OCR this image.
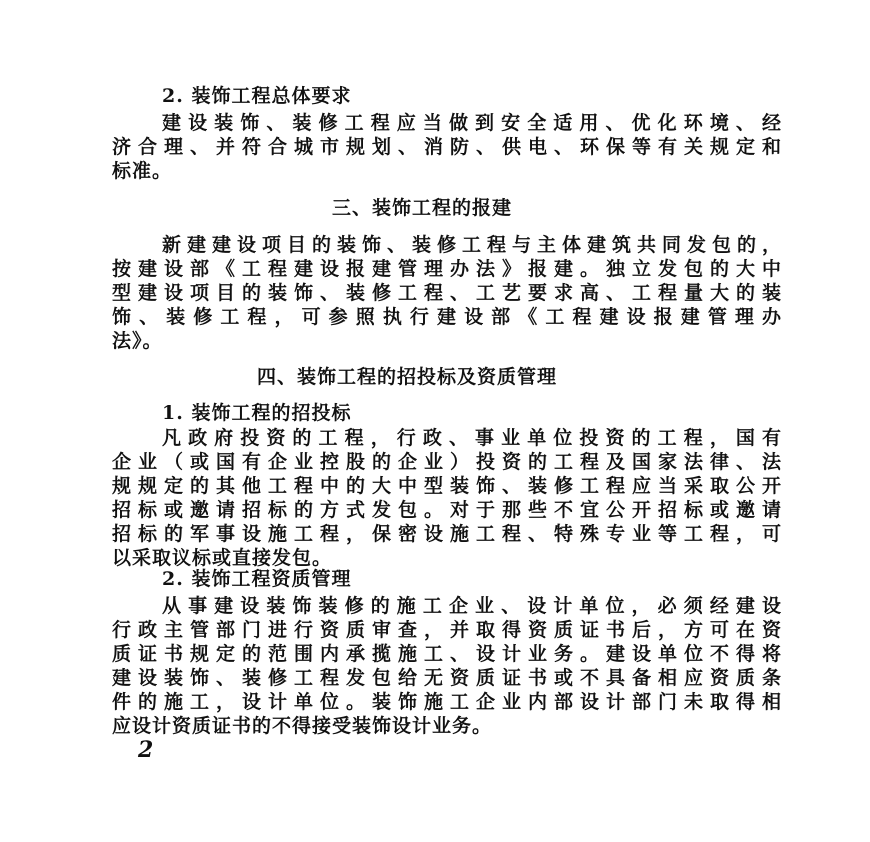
2. 装饰工程总体要求
建设装饰、装修工程应当做到安全适用、优化环境、经
济合理、并符合城市规划、消防、供电、环保等有关规定和
标准。
三、装饰工程的报建
新建建设项目的装饰、装修工程与主体建筑共同发包的，
按建设部《工程建设报建管理办法》报建。独立发包的大中
型建设项目的装饰、装修工程、工艺要求高、工程量大的装
饰、装修工程，可参照执行建设部《工程建设报建管理办
法》。
四、装饰工程的招投标及资质管理
1. 装饰工程的招投标
凡政府投资的工程，行政、事业单位投资的工程，国有
企业（或国有企业控股的企业）投资的工程及国家法律、法
规规定的其他工程中的大中型装饰、装修工程应当采取公开
招标或邀请招标的方式发包。对于那些不宜公开招标或邀请
招标的军事设施工程，保密设施工程、特殊专业等工程，可
以采取议标或直接发包。
2. 装饰工程资质管理
从事建设装饰装修的施工企业、设计单位，必须经建设
行政主管部门进行资质审查，并取得资质证书后，方可在资
质证书规定的范围内承揽施工、设计业务。建设单位不得将
建设装饰、装修工程发包给无资质证书或不具备相应资质条
件的施工，设计单位。装饰施工企业内部设计部门未取得相
应设计资质证书的不得接受装饰设计业务。
2
